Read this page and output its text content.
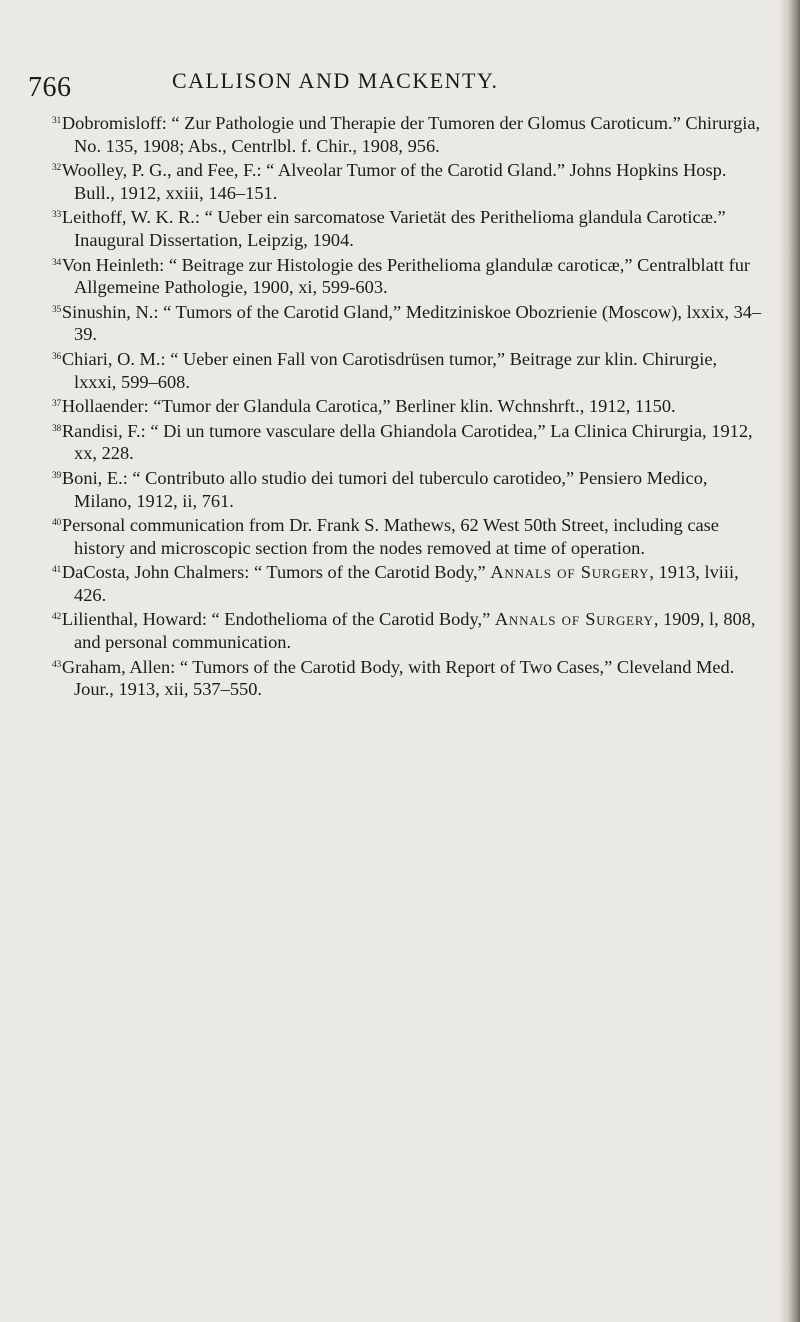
766	CALLISON AND MACKENTY.

$^{31}$Dobromisloff: “ Zur Pathologie und Therapie der Tumoren der Glomus Caroticum.” Chirurgia, No. 135, 1908; Abs., Centrlbl. f. Chir., 1908, 956.

$^{32}$Woolley, P. G., and Fee, F.: “ Alveolar Tumor of the Carotid Gland.” Johns Hopkins Hosp. Bull., 1912, xxiii, 146–151.

$^{33}$Leithoff, W. K. R.: “ Ueber ein sarcomatose Varietät des Perithelioma glandula Caroticæ.” Inaugural Dissertation, Leipzig, 1904.

$^{34}$Von Heinleth: “ Beitrage zur Histologie des Perithelioma glandulæ caroticæ,” Centralblatt fur Allgemeine Pathologie, 1900, xi, 599-603.

$^{35}$Sinushin, N.: “ Tumors of the Carotid Gland,” Meditziniskoe Obozrienie (Moscow), lxxix, 34–39.

$^{36}$Chiari, O. M.: “ Ueber einen Fall von Carotisdrüsen tumor,” Beitrage zur klin. Chirurgie, lxxxi, 599–608.

$^{37}$Hollaender: “Tumor der Glandula Carotica,” Berliner klin. Wchnshrft., 1912, 1150.

$^{38}$Randisi, F.: “ Di un tumore vasculare della Ghiandola Carotidea,” La Clinica Chirurgia, 1912, xx, 228.

$^{39}$Boni, E.: “ Contributo allo studio dei tumori del tuberculo carotideo,” Pensiero Medico, Milano, 1912, ii, 761.

$^{40}$Personal communication from Dr. Frank S. Mathews, 62 West 50th Street, including case history and microscopic section from the nodes removed at time of operation.

$^{41}$DaCosta, John Chalmers: “ Tumors of the Carotid Body,” Annals of Surgery, 1913, lviii, 426.

$^{42}$Lilienthal, Howard: “ Endothelioma of the Carotid Body,” Annals of Surgery, 1909, l, 808, and personal communication.

$^{43}$Graham, Allen: “ Tumors of the Carotid Body, with Report of Two Cases,” Cleveland Med. Jour., 1913, xii, 537–550.
